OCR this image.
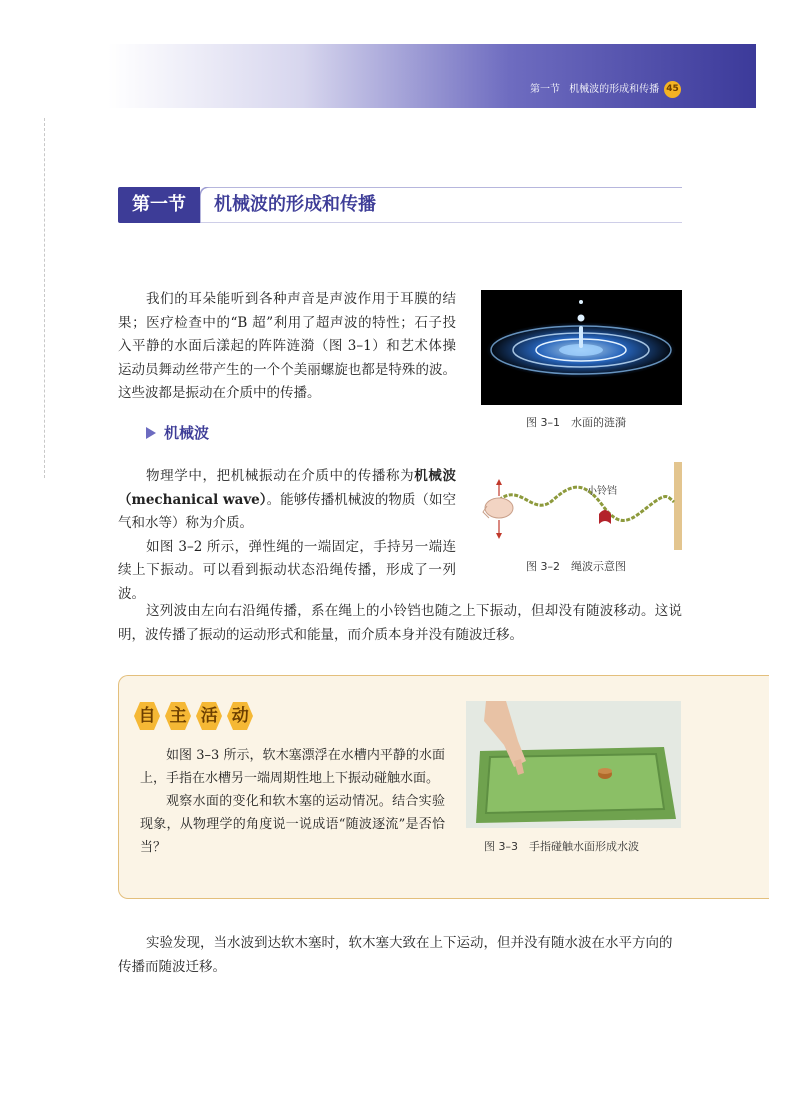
第一节 机械波的形成和传播 45
第一节	机械波的形成和传播

我们的耳朵能听到各种声音是声波作用于耳膜的结果；医疗检查中的“B 超”利用了超声波的特性；石子投入平静的水面后漾起的阵阵涟漪（图 3–1）和艺术体操运动员舞动丝带产生的一个个美丽螺旋也都是特殊的波。这些波都是振动在介质中的传播。

图 3–1　水面的涟漪
机械波

物理学中，把机械振动在介质中的传播称为机械波（mechanical wave）。能够传播机械波的物质（如空气和水等）称为介质。

如图 3–2 所示，弹性绳的一端固定，手持另一端连续上下振动。可以看到振动状态沿绳传播，形成了一列波。

小铃铛
图 3–2　绳波示意图

这列波由左向右沿绳传播，系在绳上的小铃铛也随之上下振动，但却没有随波移动。这说明，波传播了振动的运动形式和能量，而介质本身并没有随波迁移。

自
主
活
动

如图 3–3 所示，软木塞漂浮在水槽内平静的水面上，手指在水槽另一端周期性地上下振动碰触水面。

观察水面的变化和软木塞的运动情况。结合实验现象，从物理学的角度说一说成语“随波逐流”是否恰当？	图 3–3　手指碰触水面形成水波

实验发现，当水波到达软木塞时，软木塞大致在上下运动，但并没有随水波在水平方向的传播而随波迁移。
